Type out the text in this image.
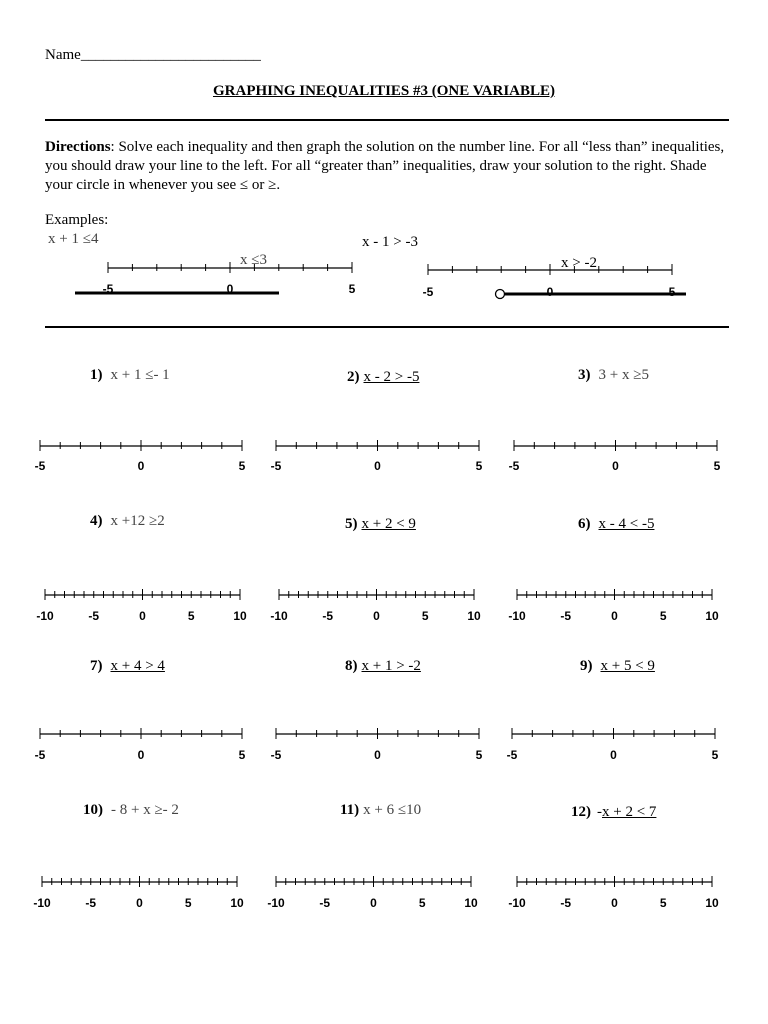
Name________________________
GRAPHING INEQUALITIES #3 (ONE VARIABLE)
Directions: Solve each inequality and then graph the solution on the number line. For all “less than” inequalities, you should draw your line to the left. For all “greater than” inequalities, draw your solution to the right. Shade your circle in whenever you see ≤ or ≥.
Examples:
x + 1 ≤4
x ≤3
x - 1 > -3
x > -2
-5	0	5	-5	0	5
-5	0	5 -5	0	5 -5	0	5
-10	-5	0	5	10 -10	-5	0	5	10 -10	-5	0	5	10
-5	0	5 -5	0	5 -5	0	5
-10	-5	0	5	10 -10	-5	0	5	10	-10	-5	0	5	10
1) x + 1 ≤- 1	2) x - 2 > -5	3) 3 + x ≥5
4) x +12 ≥2	5) x + 2 < 9	6) x - 4 < -5
7) x + 4 > 4	8) x + 1 > -2	9) x + 5 < 9
10) - 8 + x ≥- 2	11) x + 6 ≤10	12) -x + 2 < 7
